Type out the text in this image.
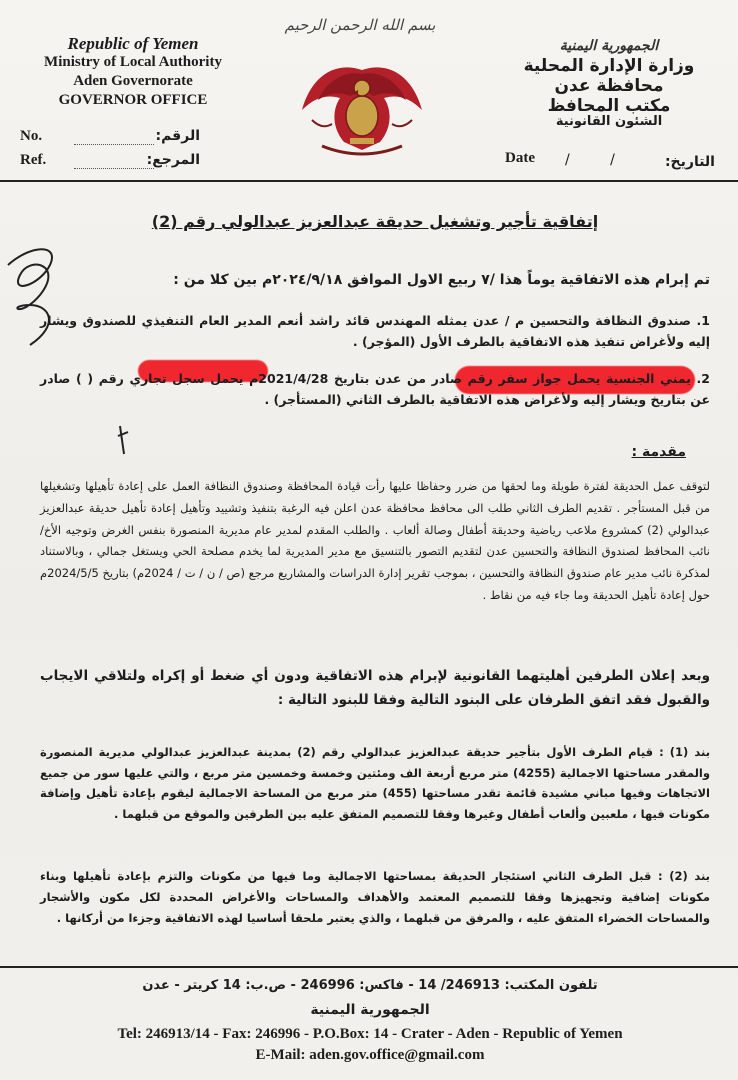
بسم الله الرحمن الرحيم
Republic of Yemen
Ministry of Local Authority
Aden Governorate
GOVERNOR OFFICE
الجمهورية اليمنية
وزارة الإدارة المحلية
محافظة عدن
مكتب المحافظ
الشئون القانونية
No.	الرقم:
Ref.	المرجع:	Date / / التاريخ:
إتفاقية تأجير وتشغيل حديقة عبدالعزيز عبدالولي رقم (2)
تم إبرام هذه الاتفاقية يوماً هذا /٧ ربيع الاول الموافق ٢٠٢٤/٩/١٨م بين كلا من :
1. صندوق النظافة والتحسين م / عدن يمثله المهندس قائد راشد أنعم المدير العام التنفيذي للصندوق ويشار إليه ولأغراض تنفيذ هذه الاتفاقية بالطرف الأول (المؤجر) .
2. يمني الجنسية يحمل جواز سفر رقم صادر من عدن بتاريخ 2021/4/28م يحمل سجل تجاري رقم ( ) صادر عن بتاريخ ويشار إليه ولأغراض هذه الاتفاقية بالطرف الثاني (المستأجر) .
مقدمة :
لتوقف عمل الحديقة لفترة طويلة وما لحقها من ضرر وحفاظا عليها رأت قيادة المحافظة وصندوق النظافة العمل على إعادة تأهيلها وتشغيلها من قبل المستأجر . تقديم الطرف الثاني طلب الى محافظ محافظة عدن اعلن فيه الرغبة بتنفيذ وتشييد وتأهيل إعادة تأهيل حديقة عبدالعزيز عبدالولي (2) كمشروع ملاعب رياضية وحديقة أطفال وصالة ألعاب . والطلب المقدم لمدير عام مديرية المنصورة بنفس الغرض وتوجيه الأخ/ نائب المحافظ لصندوق النظافة والتحسين عدن لتقديم التصور بالتنسيق مع مدير المديرية لما يخدم مصلحة الحي ويستغل جمالي ، وبالاستناد لمذكرة نائب مدير عام صندوق النظافة والتحسين ، بموجب تقرير إدارة الدراسات والمشاريع مرجع (ص / ن / ت / 2024م) بتاريخ 2024/5/5م حول إعادة تأهيل الحديقة وما جاء فيه من نقاط .
وبعد إعلان الطرفين أهليتهما القانونية لإبرام هذه الاتفاقية ودون أي ضغط أو إكراه ولتلاقي الايجاب والقبول فقد اتفق الطرفان على البنود التالية وفقا للبنود التالية :
بند (1) : قيام الطرف الأول بتأجير حديقة عبدالعزيز عبدالولي رقم (2) بمدينة عبدالعزيز عبدالولي مديرية المنصورة والمقدر مساحتها الاجمالية (4255) متر مربع أربعة الف ومئتين وخمسة وخمسين متر مربع ، والتي عليها سور من جميع الاتجاهات وفيها مباني مشيدة قائمة تقدر مساحتها (455) متر مربع من المساحة الاجمالية ليقوم بإعادة تأهيل وإضافة مكونات فيها ، ملعبين وألعاب أطفال وغيرها وفقا للتصميم المتفق عليه بين الطرفين والموقع من قبلهما .
بند (2) : قبل الطرف الثاني استئجار الحديقة بمساحتها الاجمالية وما فيها من مكونات والتزم بإعادة تأهيلها وبناء مكونات إضافية وتجهيزها وفقا للتصميم المعتمد والأهداف والمساحات والأغراض المحددة لكل مكون والأشجار والمساحات الخضراء المتفق عليه ، والمرفق من قبلهما ، والذي يعتبر ملحقا أساسيا لهذه الاتفاقية وجزءا من أركانها .
تلفون المكتب: 246913/ 14 - فاكس: 246996 - ص.ب: 14 كريتر - عدن
الجمهورية اليمنية
Tel: 246913/14 - Fax: 246996 - P.O.Box: 14 - Crater - Aden - Republic of Yemen
E-Mail: aden.gov.office@gmail.com
